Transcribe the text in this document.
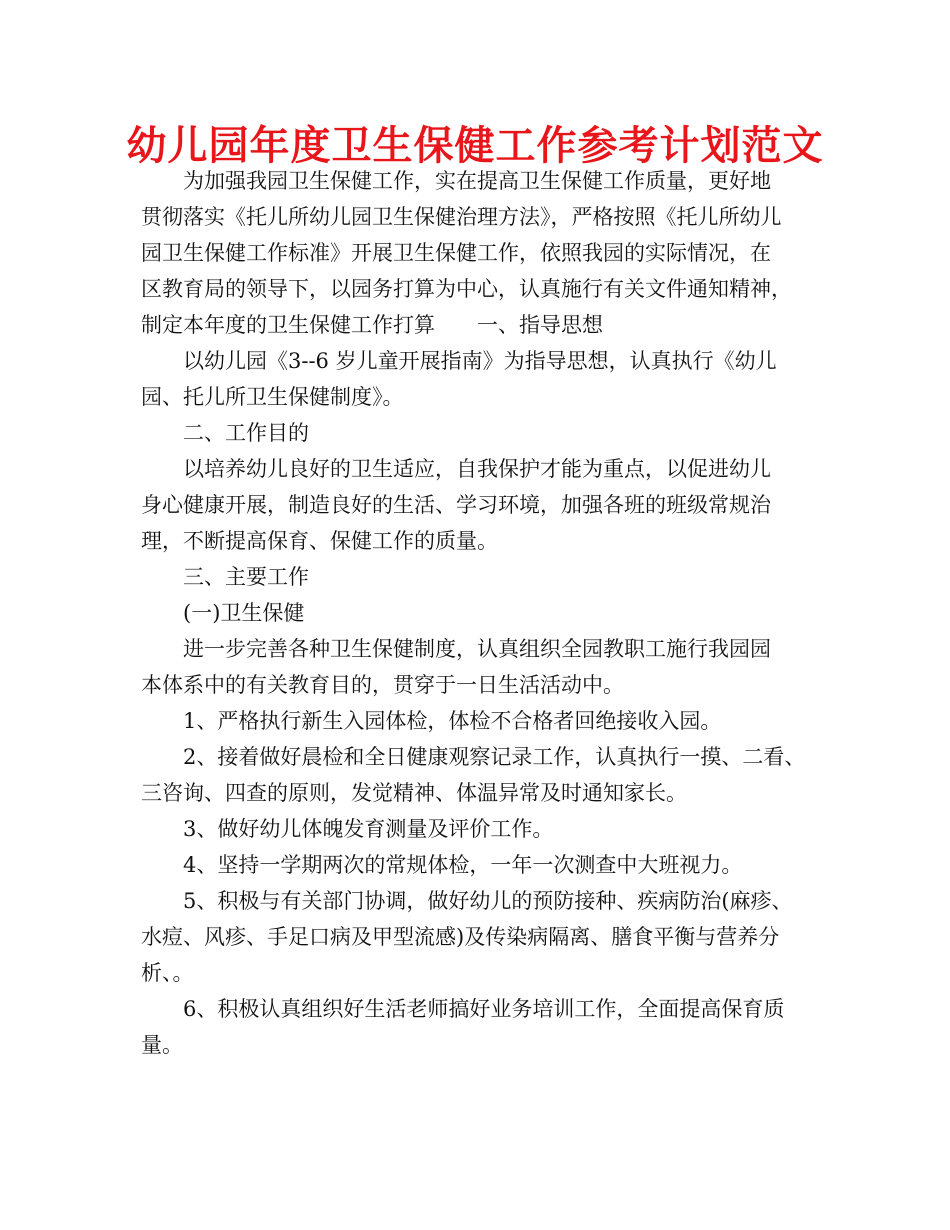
幼儿园年度卫生保健工作参考计划范文
为加强我园卫生保健工作，实在提高卫生保健工作质量，更好地
贯彻落实《托儿所幼儿园卫生保健治理方法》，严格按照《托儿所幼儿
园卫生保健工作标准》开展卫生保健工作，依照我园的实际情况，在
区教育局的领导下，以园务打算为中心，认真施行有关文件通知精神，
制定本年度的卫生保健工作打算　　一、指导思想
以幼儿园《3--6 岁儿童开展指南》为指导思想，认真执行《幼儿
园、托儿所卫生保健制度》。
二、工作目的
以培养幼儿良好的卫生适应，自我保护才能为重点，以促进幼儿
身心健康开展，制造良好的生活、学习环境，加强各班的班级常规治
理，不断提高保育、保健工作的质量。
三、主要工作
(一)卫生保健
进一步完善各种卫生保健制度，认真组织全园教职工施行我园园
本体系中的有关教育目的，贯穿于一日生活活动中。
1、严格执行新生入园体检，体检不合格者回绝接收入园。
2、接着做好晨检和全日健康观察记录工作，认真执行一摸、二看、
三咨询、四查的原则，发觉精神、体温异常及时通知家长。
3、做好幼儿体魄发育测量及评价工作。
4、坚持一学期两次的常规体检，一年一次测查中大班视力。
5、积极与有关部门协调，做好幼儿的预防接种、疾病防治(麻疹、
水痘、风疹、手足口病及甲型流感)及传染病隔离、膳食平衡与营养分
析、。
6、积极认真组织好生活老师搞好业务培训工作，全面提高保育质
量。
